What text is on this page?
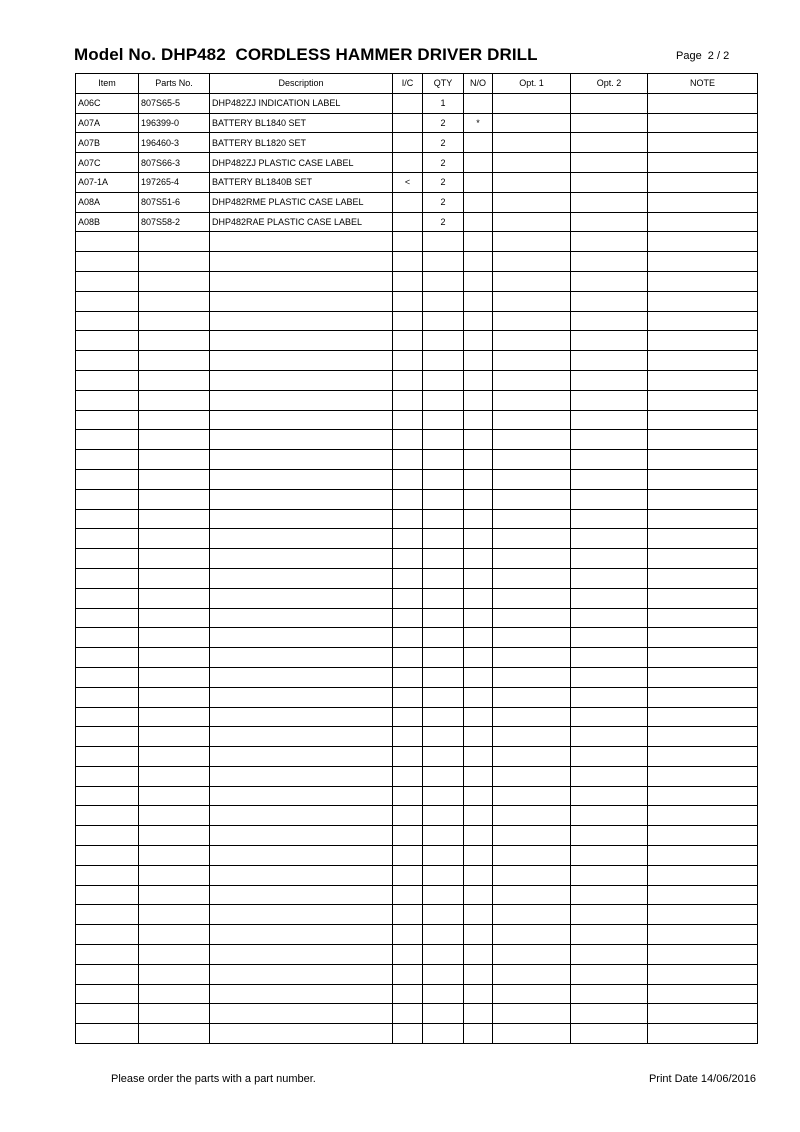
Model No. DHP482  CORDLESS HAMMER DRIVER DRILL	Page  2 / 2
Item	Parts No.	Description	I/C	QTY	N/O	Opt. 1	Opt. 2	NOTE
A06C	807S65-5	DHP482ZJ INDICATION LABEL		1				
A07A	196399-0	BATTERY BL1840 SET		2	*			
A07B	196460-3	BATTERY BL1820 SET		2				
A07C	807S66-3	DHP482ZJ PLASTIC CASE LABEL		2				
A07-1A	197265-4	BATTERY BL1840B SET	<	2				
A08A	807S51-6	DHP482RME PLASTIC CASE LABEL		2				
A08B	807S58-2	DHP482RAE PLASTIC CASE LABEL		2				

Please order the parts with a part number.	Print Date 14/06/2016
